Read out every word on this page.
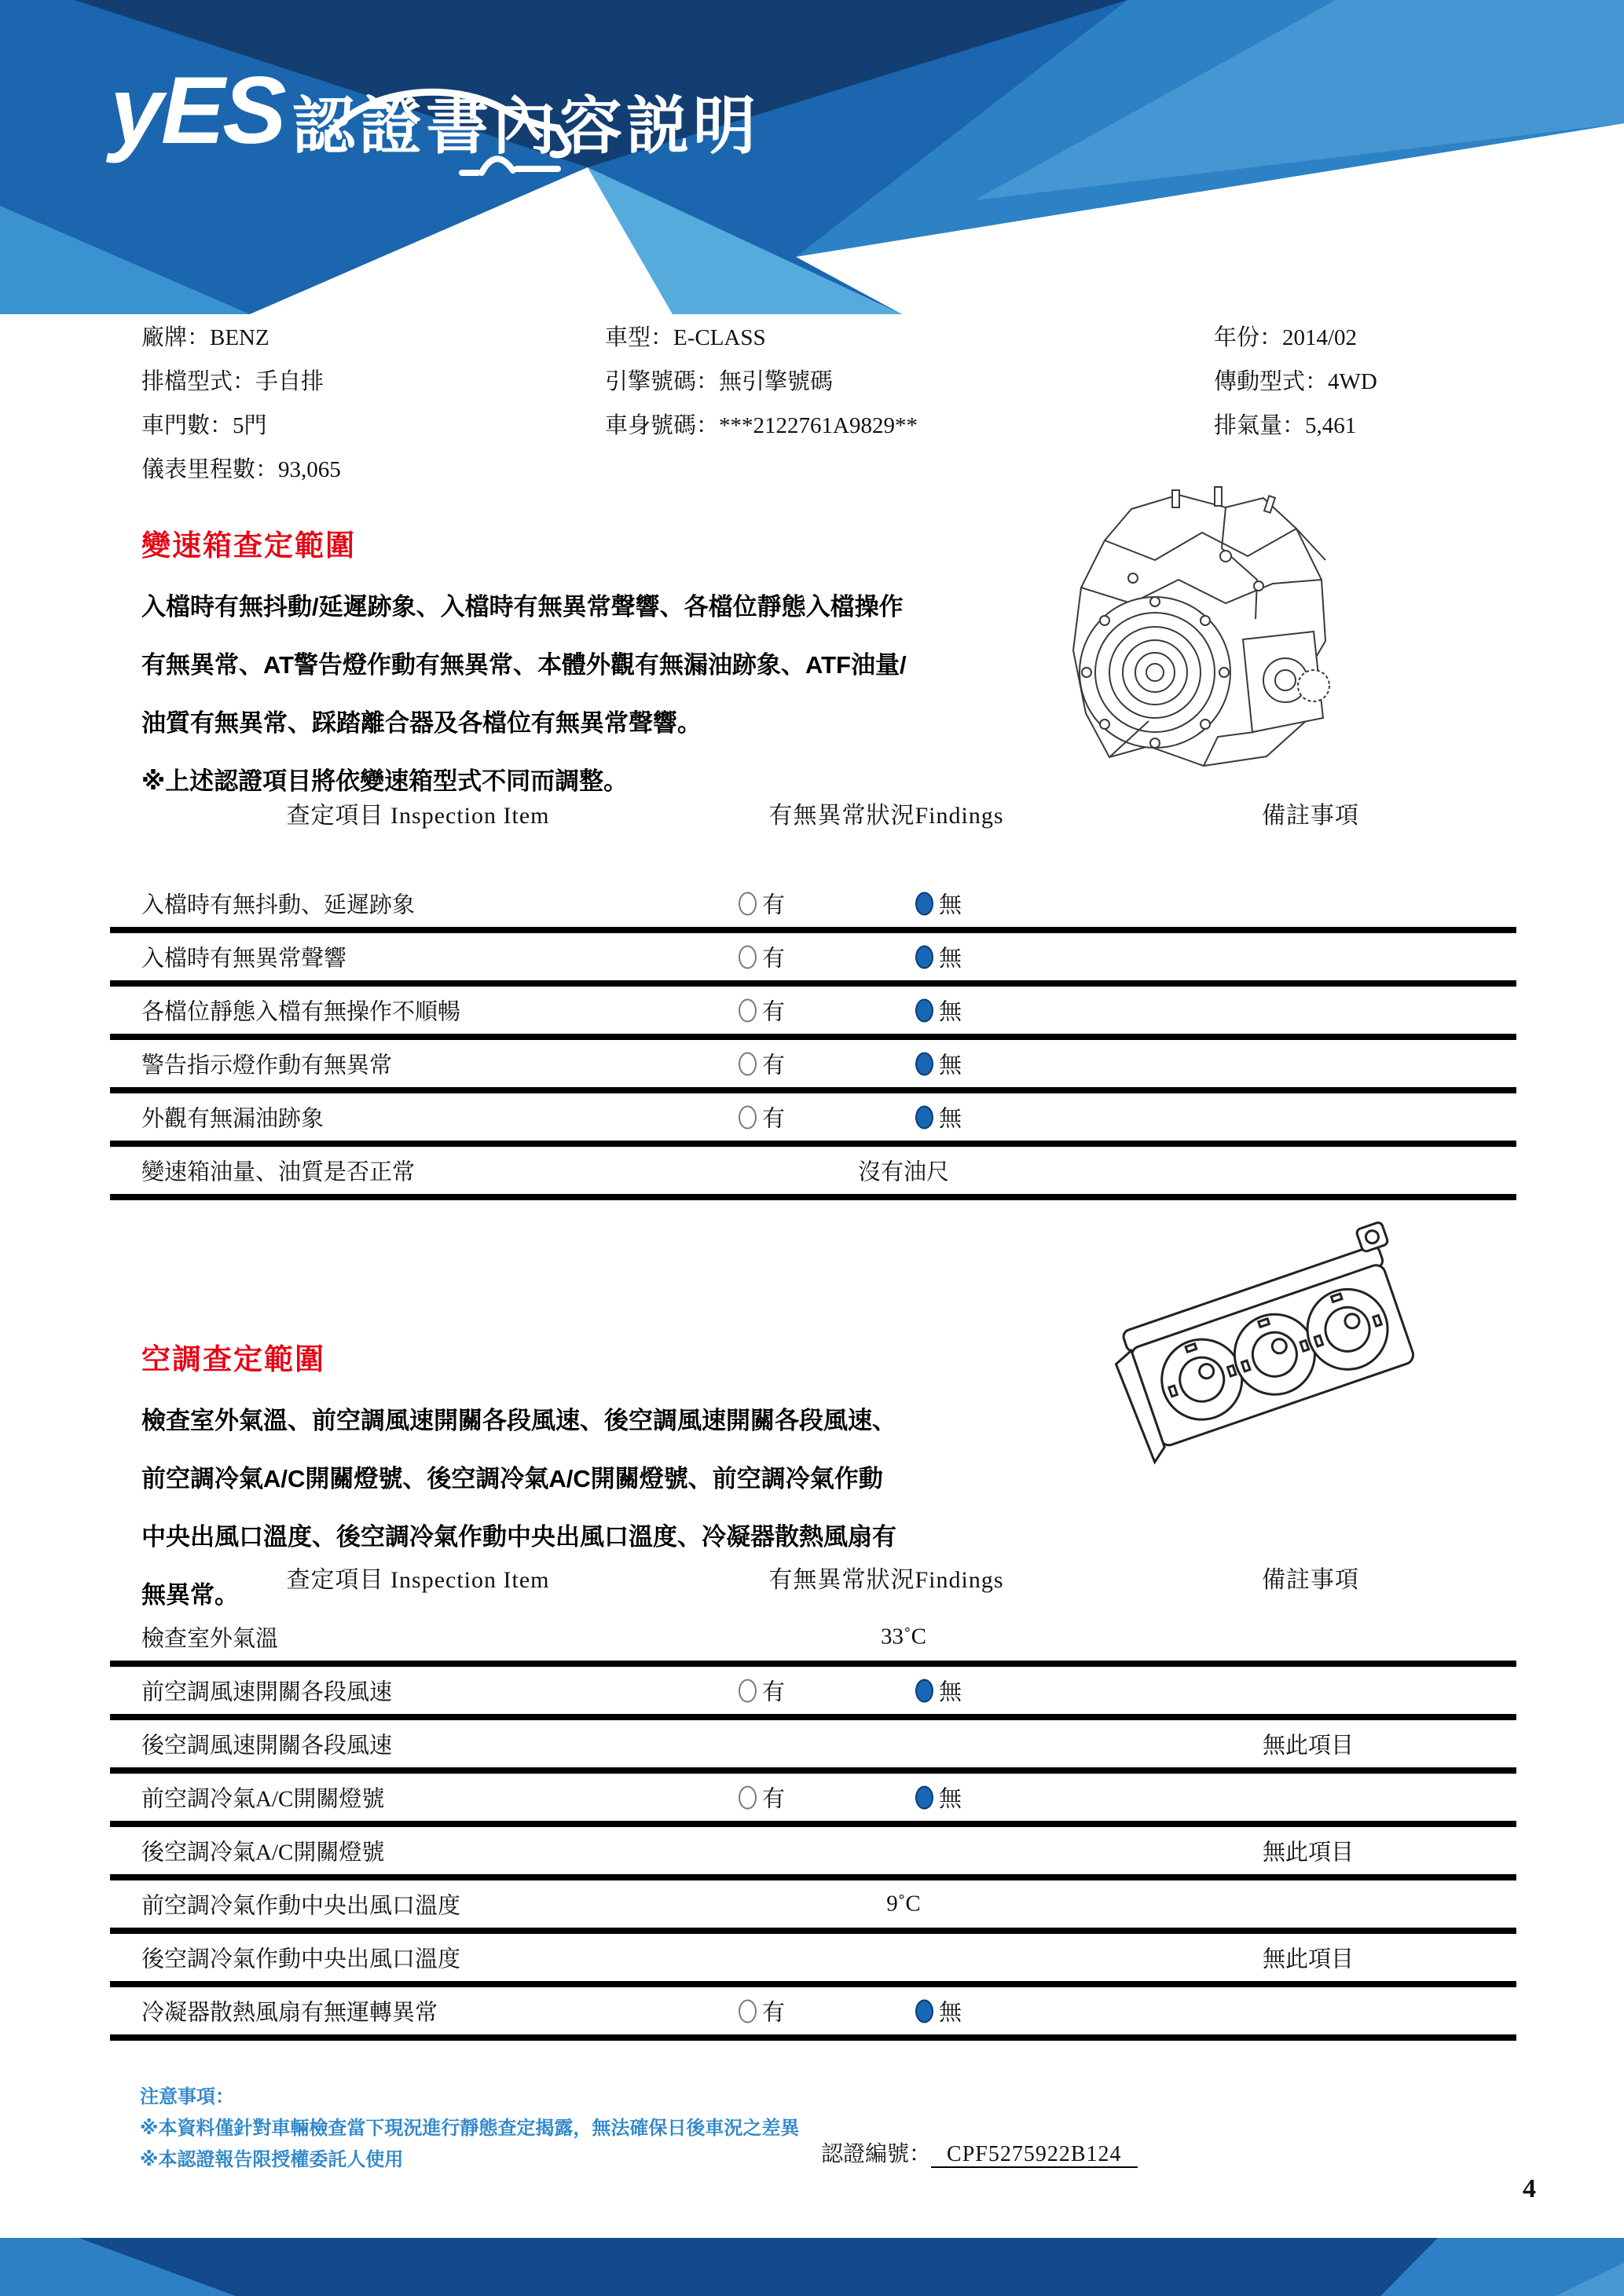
yES 認證書內容説明
廠牌：BENZ
排檔型式：手自排
車門數：5門
儀表里程數：93,065
車型：E-CLASS
引擎號碼：無引擎號碼
車身號碼：***2122761A9829**
年份：2014/02
傳動型式：4WD
排氣量：5,461
變速箱查定範圍
入檔時有無抖動/延遲跡象、入檔時有無異常聲響、各檔位靜態入檔操作
有無異常、AT警告燈作動有無異常、本體外觀有無漏油跡象、ATF油量/
油質有無異常、踩踏離合器及各檔位有無異常聲響。
※上述認證項目將依變速箱型式不同而調整。
查定項目 Inspection Item	有無異常狀況Findings	備註事項
入檔時有無抖動、延遲跡象	有	無
入檔時有無異常聲響	有	無
各檔位靜態入檔有無操作不順暢	有	無
警告指示燈作動有無異常	有	無
外觀有無漏油跡象	有	無
變速箱油量、油質是否正常	沒有油尺
空調查定範圍
檢查室外氣溫、前空調風速開關各段風速、後空調風速開關各段風速、
前空調冷氣A/C開關燈號、後空調冷氣A/C開關燈號、前空調冷氣作動
中央出風口溫度、後空調冷氣作動中央出風口溫度、冷凝器散熱風扇有
無異常。
查定項目 Inspection Item	有無異常狀況Findings	備註事項
檢查室外氣溫	33˚C
前空調風速開關各段風速	有	無
後空調風速開關各段風速	無此項目
前空調冷氣A/C開關燈號	有	無
後空調冷氣A/C開關燈號	無此項目
前空調冷氣作動中央出風口溫度	9˚C
後空調冷氣作動中央出風口溫度	無此項目
冷凝器散熱風扇有無運轉異常	有	無
注意事項：
※本資料僅針對車輛檢查當下現況進行靜態查定揭露，無法確保日後車況之差異
※本認證報告限授權委託人使用	認證編號： CPF5275922B124
4
